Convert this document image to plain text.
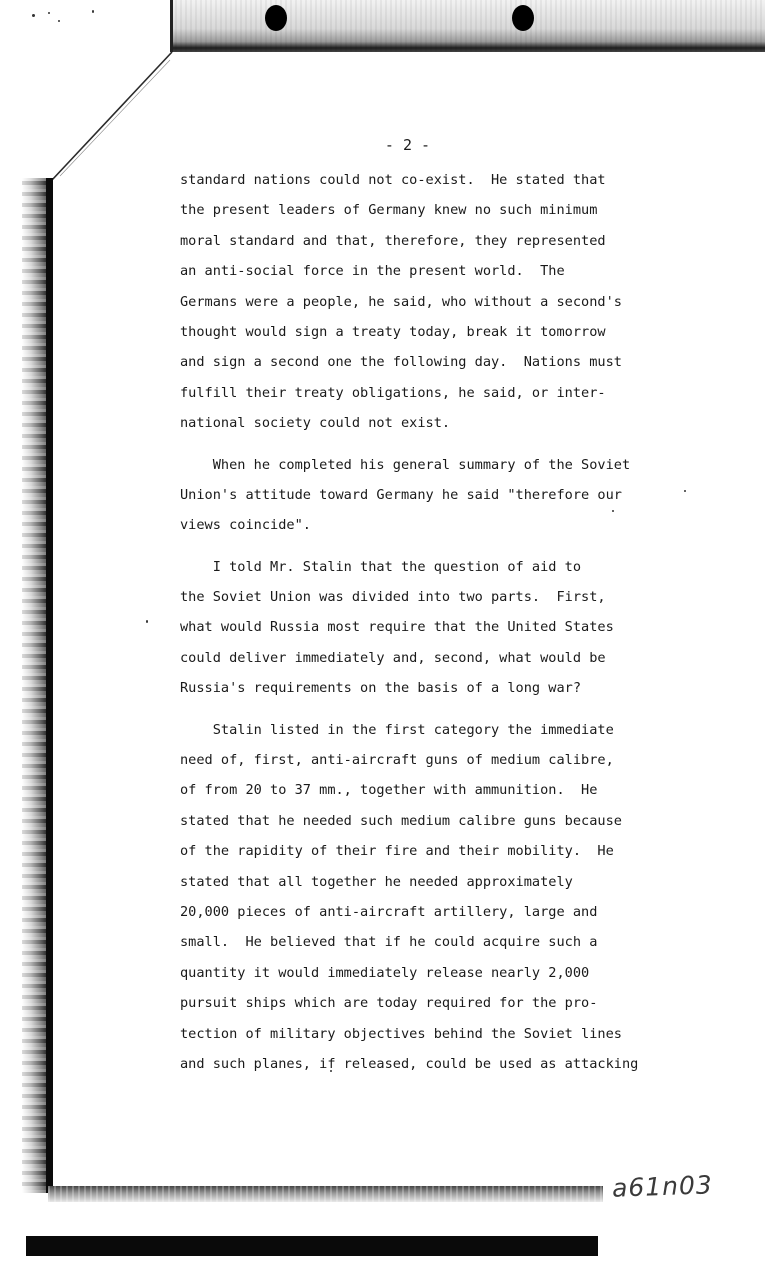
- 2 -
standard nations could not co-exist.  He stated that
the present leaders of Germany knew no such minimum
moral standard and that, therefore, they represented
an anti-social force in the present world.  The
Germans were a people, he said, who without a second's
thought would sign a treaty today, break it tomorrow
and sign a second one the following day.  Nations must
fulfill their treaty obligations, he said, or inter-
national society could not exist.
When he completed his general summary of the Soviet
Union's attitude toward Germany he said "therefore our
views coincide".
I told Mr. Stalin that the question of aid to
the Soviet Union was divided into two parts.  First,
what would Russia most require that the United States
could deliver immediately and, second, what would be
Russia's requirements on the basis of a long war?
Stalin listed in the first category the immediate
need of, first, anti-aircraft guns of medium calibre,
of from 20 to 37 mm., together with ammunition.  He
stated that he needed such medium calibre guns because
of the rapidity of their fire and their mobility.  He
stated that all together he needed approximately
20,000 pieces of anti-aircraft artillery, large and
small.  He believed that if he could acquire such a
quantity it would immediately release nearly 2,000
pursuit ships which are today required for the pro-
tection of military objectives behind the Soviet lines
and such planes, if released, could be used as attacking
a61n03
